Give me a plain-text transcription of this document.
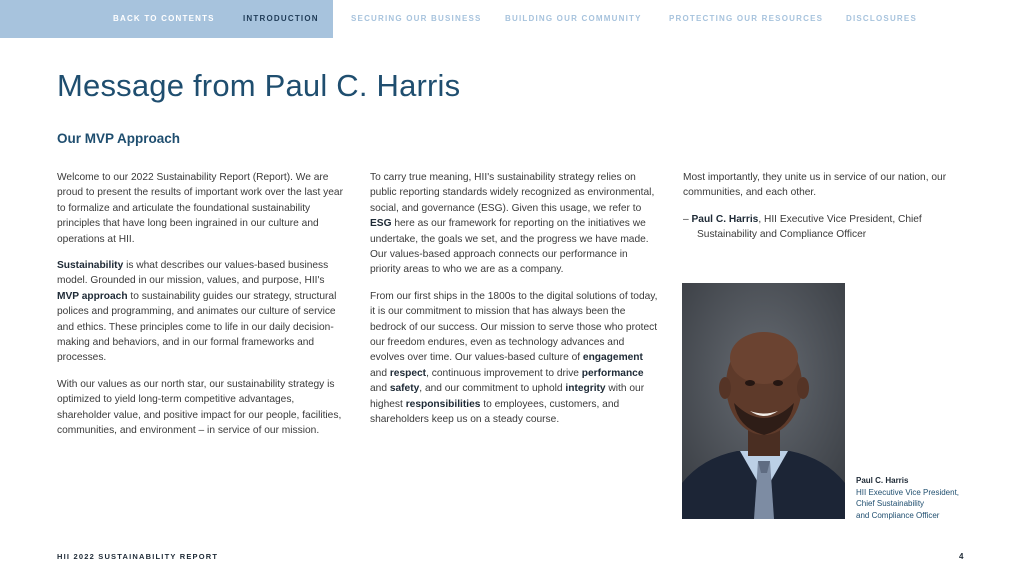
BACK TO CONTENTS	INTRODUCTION	SECURING OUR BUSINESS	BUILDING OUR COMMUNITY	PROTECTING OUR RESOURCES	DISCLOSURES
Message from Paul C. Harris
Our MVP Approach

Welcome to our 2022 Sustainability Report (Report). We are proud to present the results of important work over the last year to formalize and articulate the foundational sustainability principles that have long been ingrained in our culture and operations at HII.

Sustainability is what describes our values-based business model. Grounded in our mission, values, and purpose, HII's MVP approach to sustainability guides our strategy, structural polices and programming, and animates our culture of service and ethics. These principles come to life in our daily decision-making and behaviors, and in our formal frameworks and processes.

With our values as our north star, our sustainability strategy is optimized to yield long-term competitive advantages, shareholder value, and positive impact for our people, facilities, communities, and environment – in service of our mission.

To carry true meaning, HII's sustainability strategy relies on public reporting standards widely recognized as environmental, social, and governance (ESG). Given this usage, we refer to ESG here as our framework for reporting on the initiatives we undertake, the goals we set, and the progress we have made. Our values-based approach connects our performance in priority areas to who we are as a company.

From our first ships in the 1800s to the digital solutions of today, it is our commitment to mission that has always been the bedrock of our success. Our mission to serve those who protect our freedom endures, even as technology advances and evolves over time. Our values-based culture of engagement and respect, continuous improvement to drive performance and safety, and our commitment to uphold integrity with our highest responsibilities to employees, customers, and shareholders keep us on a steady course.

Most importantly, they unite us in service of our nation, our communities, and each other.

– Paul C. Harris, HII Executive Vice President, Chief Sustainability and Compliance Officer

Paul C. Harris
HII Executive Vice President,
Chief Sustainability
and Compliance Officer
HII 2022 SUSTAINABILITY REPORT	4
